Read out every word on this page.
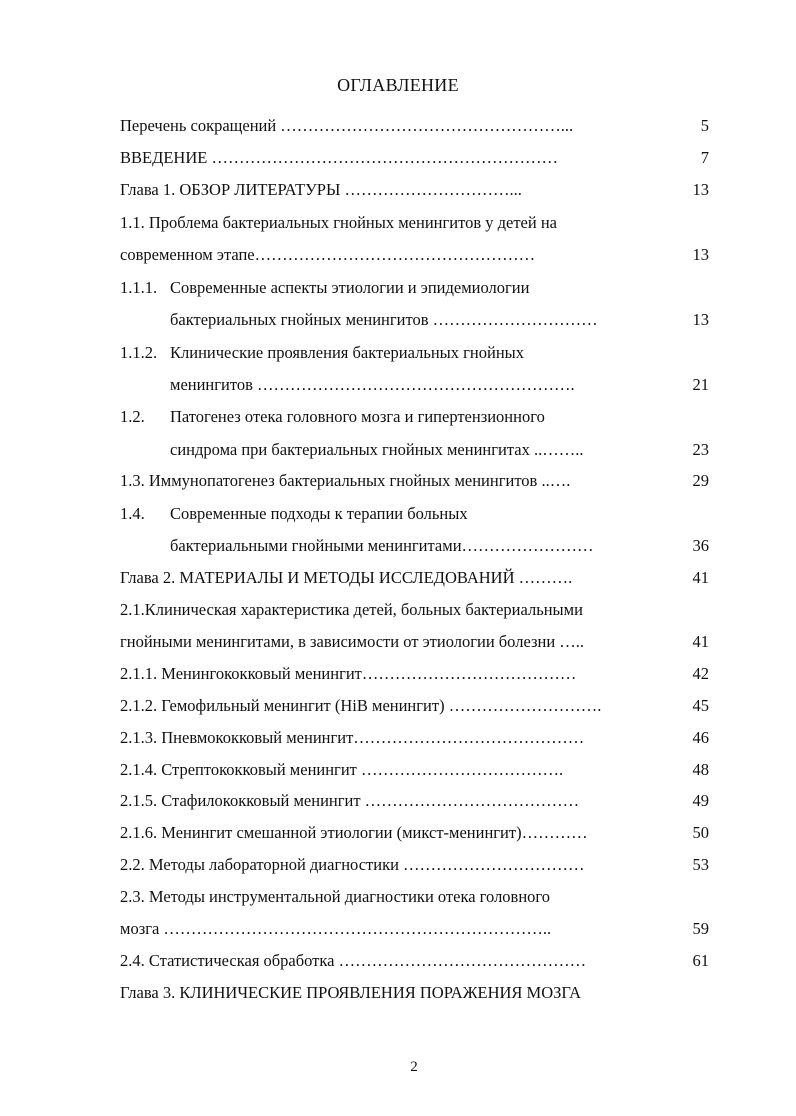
ОГЛАВЛЕНИЕ
Перечень сокращений ……………………………………………...	5
ВВЕДЕНИЕ ………………………………………………………	7
Глава 1. ОБЗОР ЛИТЕРАТУРЫ …………………………...	13
1.1. Проблема бактериальных гнойных менингитов у детей на
современном этапе……………………………………………	13
1.1.1. Современные аспекты этиологии и эпидемиологии
бактериальных гнойных менингитов …………………………	13
1.1.2. Клинические проявления бактериальных гнойных
менингитов ………………………………………………….	21
1.2. Патогенез отека головного мозга и гипертензионного
синдрома при бактериальных гнойных менингитах ..……..	23
1.3. Иммунопатогенез бактериальных гнойных менингитов ..….	29
1.4. Современные подходы к терапии больных
бактериальными гнойными менингитами……………………	36
Глава 2. МАТЕРИАЛЫ И МЕТОДЫ ИССЛЕДОВАНИЙ ……….	41
2.1.Клиническая характеристика детей, больных бактериальными
гнойными менингитами, в зависимости от этиологии болезни …..	41
2.1.1. Менингококковый менингит…………………………………	42
2.1.2. Гемофильный менингит (HiB менингит) ……………………….	45
2.1.3. Пневмококковый менингит……………………………………	46
2.1.4. Стрептококковый менингит ……………………………….	48
2.1.5. Стафилококковый менингит …………………………………	49
2.1.6. Менингит смешанной этиологии (микст-менингит)…………	50
2.2. Методы лабораторной диагностики ……………………………	53
2.3. Методы инструментальной диагностики отека головного
мозга ……………………………………………………………..	59
2.4. Статистическая обработка ………………………………………	61
Глава 3. КЛИНИЧЕСКИЕ ПРОЯВЛЕНИЯ ПОРАЖЕНИЯ МОЗГА
2
